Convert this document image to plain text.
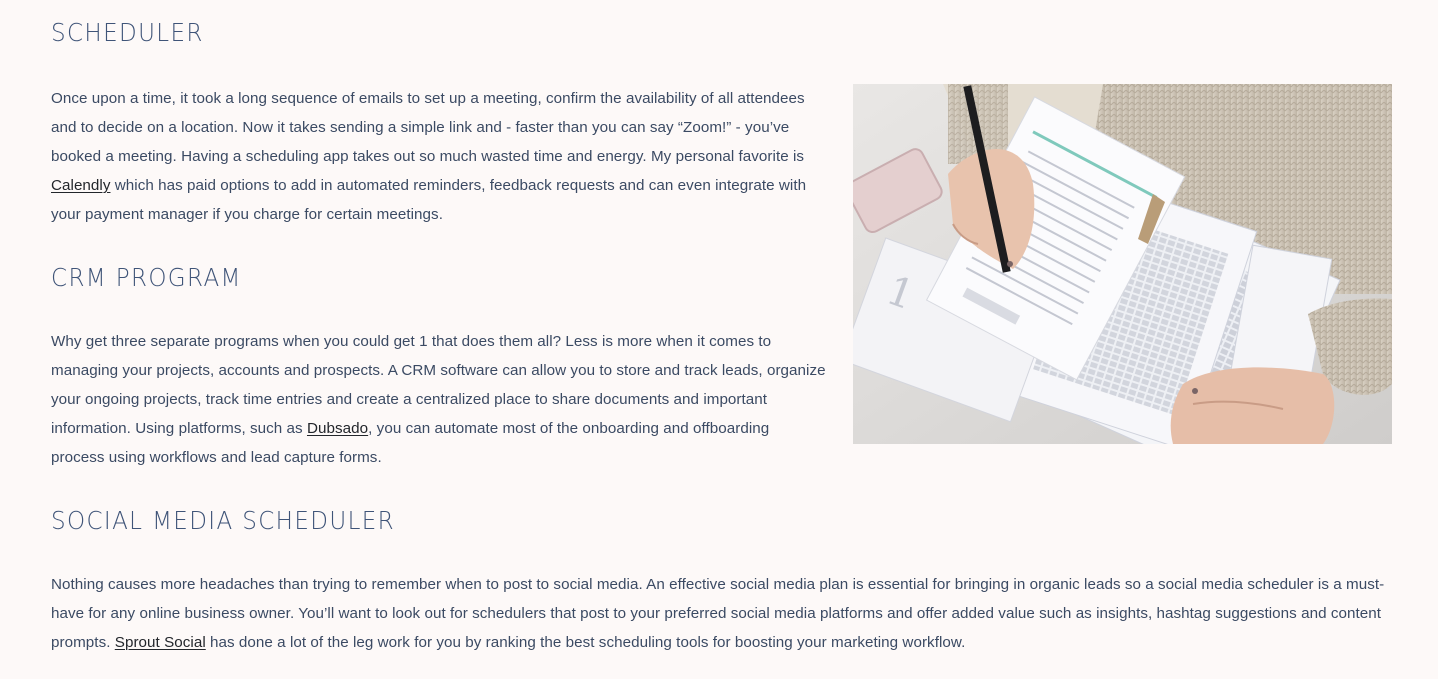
SCHEDULER

Once upon a time, it took a long sequence of emails to set up a meeting, confirm the availability of all attendees and to decide on a location. Now it takes sending a simple link and - faster than you can say “Zoom!” - you’ve booked a meeting. Having a scheduling app takes out so much wasted time and energy. My personal favorite is Calendly which has paid options to add in automated reminders, feedback requests and can even integrate with your payment manager if you charge for certain meetings.

CRM PROGRAM

Why get three separate programs when you could get 1 that does them all? Less is more when it comes to managing your projects, accounts and prospects. A CRM software can allow you to store and track leads, organize your ongoing projects, track time entries and create a centralized place to share documents and important information. Using platforms, such as Dubsado, you can automate most of the onboarding and offboarding process using workflows and lead capture forms.

SOCIAL MEDIA SCHEDULER

Nothing causes more headaches than trying to remember when to post to social media. An effective social media plan is essential for bringing in organic leads so a social media scheduler is a must-have for any online business owner. You’ll want to look out for schedulers that post to your preferred social media platforms and offer added value such as insights, hashtag suggestions and content prompts. Sprout Social has done a lot of the leg work for you by ranking the best scheduling tools for boosting your marketing workflow.

1
